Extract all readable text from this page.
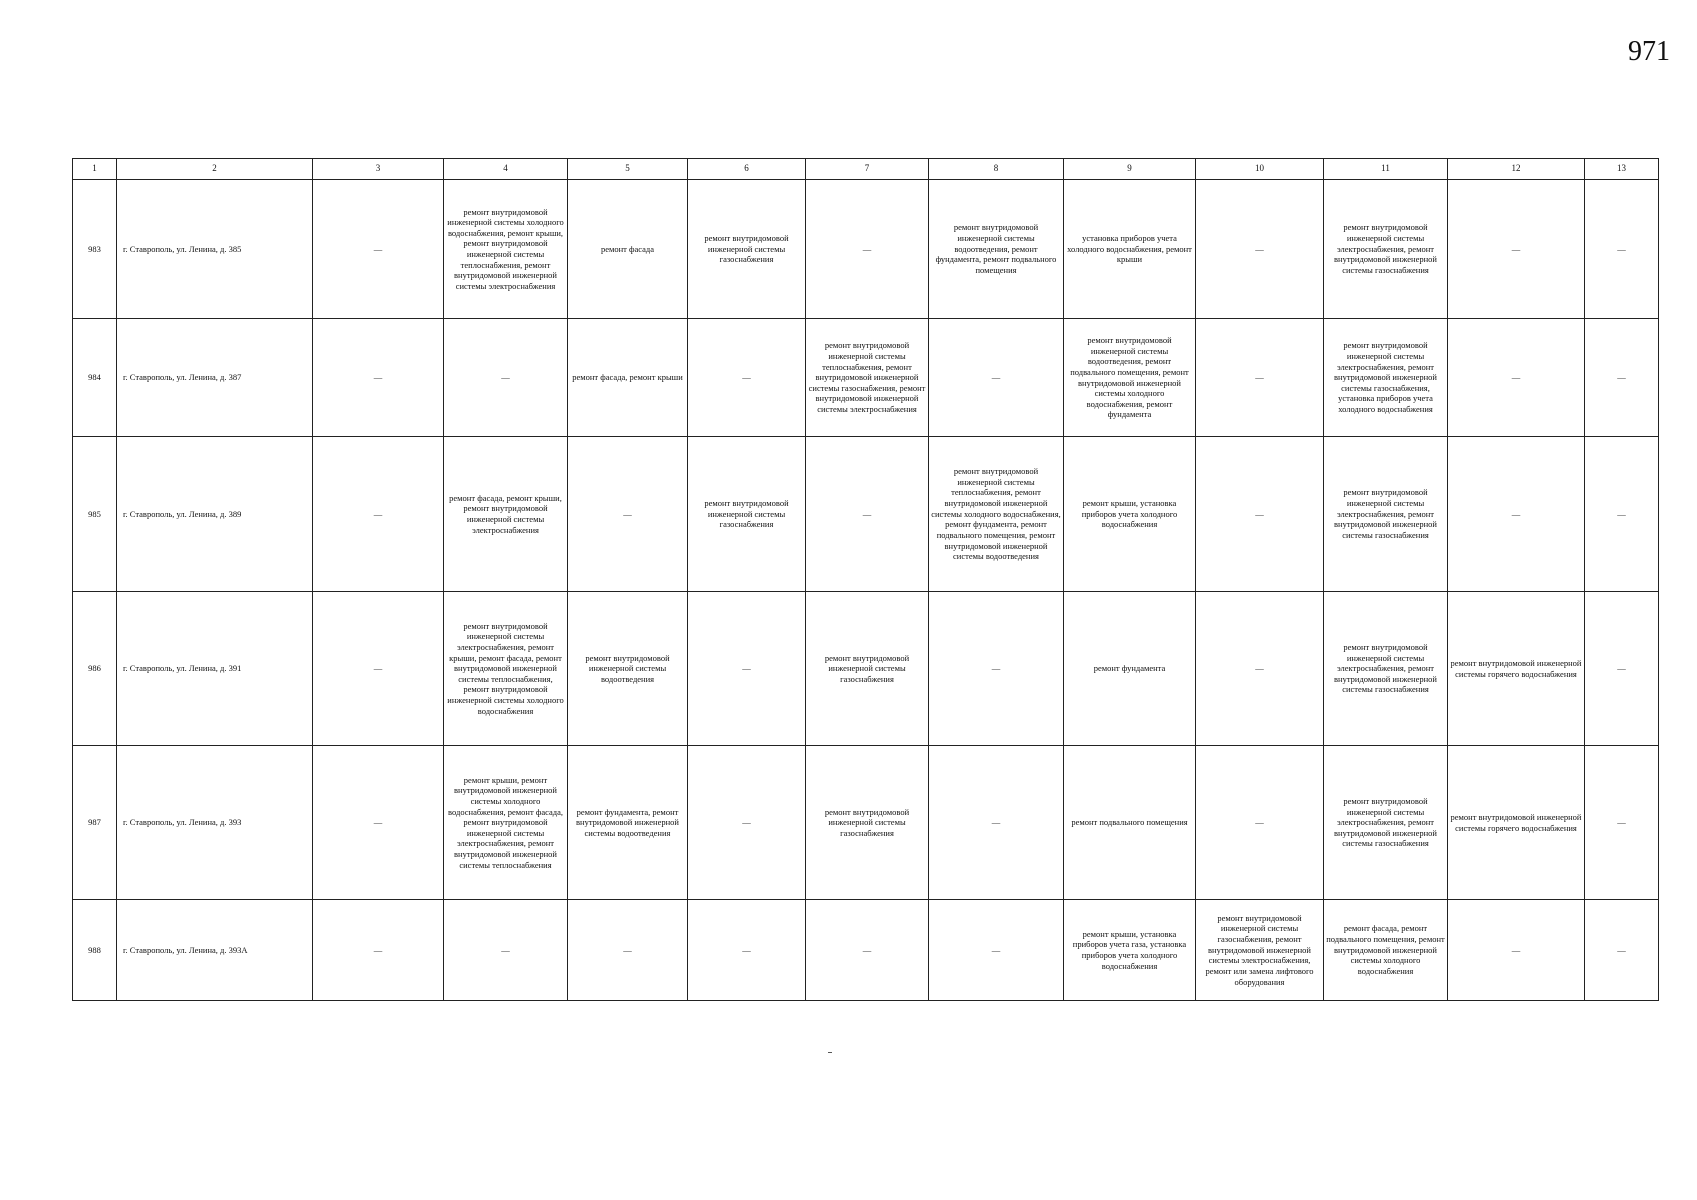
971
1	2	3	4	5	6	7	8	9	10	11	12	13
983	г. Ставрополь, ул. Ленина, д. 385	—	ремонт внутридомовой инженерной системы холодного водоснабжения, ремонт крыши, ремонт внутридомовой инженерной системы теплоснабжения, ремонт внутридомовой инженерной системы электроснабжения	ремонт фасада	ремонт внутридомовой инженерной системы газоснабжения	—	ремонт внутридомовой инженерной системы водоотведения, ремонт фундамента, ремонт подвального помещения	установка приборов учета холодного водоснабжения, ремонт крыши	—	ремонт внутридомовой инженерной системы электроснабжения, ремонт внутридомовой инженерной системы газоснабжения	—	—
984	г. Ставрополь, ул. Ленина, д. 387	—	—	ремонт фасада, ремонт крыши	—	ремонт внутридомовой инженерной системы теплоснабжения, ремонт внутридомовой инженерной системы газоснабжения, ремонт внутридомовой инженерной системы электроснабжения	—	ремонт внутридомовой инженерной системы водоотведения, ремонт подвального помещения, ремонт внутридомовой инженерной системы холодного водоснабжения, ремонт фундамента	—	ремонт внутридомовой инженерной системы электроснабжения, ремонт внутридомовой инженерной системы газоснабжения, установка приборов учета холодного водоснабжения	—	—
985	г. Ставрополь, ул. Ленина, д. 389	—	ремонт фасада, ремонт крыши, ремонт внутридомовой инженерной системы электроснабжения	—	ремонт внутридомовой инженерной системы газоснабжения	—	ремонт внутридомовой инженерной системы теплоснабжения, ремонт внутридомовой инженерной системы холодного водоснабжения, ремонт фундамента, ремонт подвального помещения, ремонт внутридомовой инженерной системы водоотведения	ремонт крыши, установка приборов учета холодного водоснабжения	—	ремонт внутридомовой инженерной системы электроснабжения, ремонт внутридомовой инженерной системы газоснабжения	—	—
986	г. Ставрополь, ул. Ленина, д. 391	—	ремонт внутридомовой инженерной системы электроснабжения, ремонт крыши, ремонт фасада, ремонт внутридомовой инженерной системы теплоснабжения, ремонт внутридомовой инженерной системы холодного водоснабжения	ремонт внутридомовой инженерной системы водоотведения	—	ремонт внутридомовой инженерной системы газоснабжения	—	ремонт фундамента	—	ремонт внутридомовой инженерной системы электроснабжения, ремонт внутридомовой инженерной системы газоснабжения	ремонт внутридомовой инженерной системы горячего водоснабжения	—
987	г. Ставрополь, ул. Ленина, д. 393	—	ремонт крыши, ремонт внутридомовой инженерной системы холодного водоснабжения, ремонт фасада, ремонт внутридомовой инженерной системы электроснабжения, ремонт внутридомовой инженерной системы теплоснабжения	ремонт фундамента, ремонт внутридомовой инженерной системы водоотведения	—	ремонт внутридомовой инженерной системы газоснабжения	—	ремонт подвального помещения	—	ремонт внутридомовой инженерной системы электроснабжения, ремонт внутридомовой инженерной системы газоснабжения	ремонт внутридомовой инженерной системы горячего водоснабжения	—
988	г. Ставрополь, ул. Ленина, д. 393А	—	—	—	—	—	—	ремонт крыши, установка приборов учета газа, установка приборов учета холодного водоснабжения	ремонт внутридомовой инженерной системы газоснабжения, ремонт внутридомовой инженерной системы электроснабжения, ремонт или замена лифтового оборудования	ремонт фасада, ремонт подвального помещения, ремонт внутридомовой инженерной системы холодного водоснабжения	—	—
